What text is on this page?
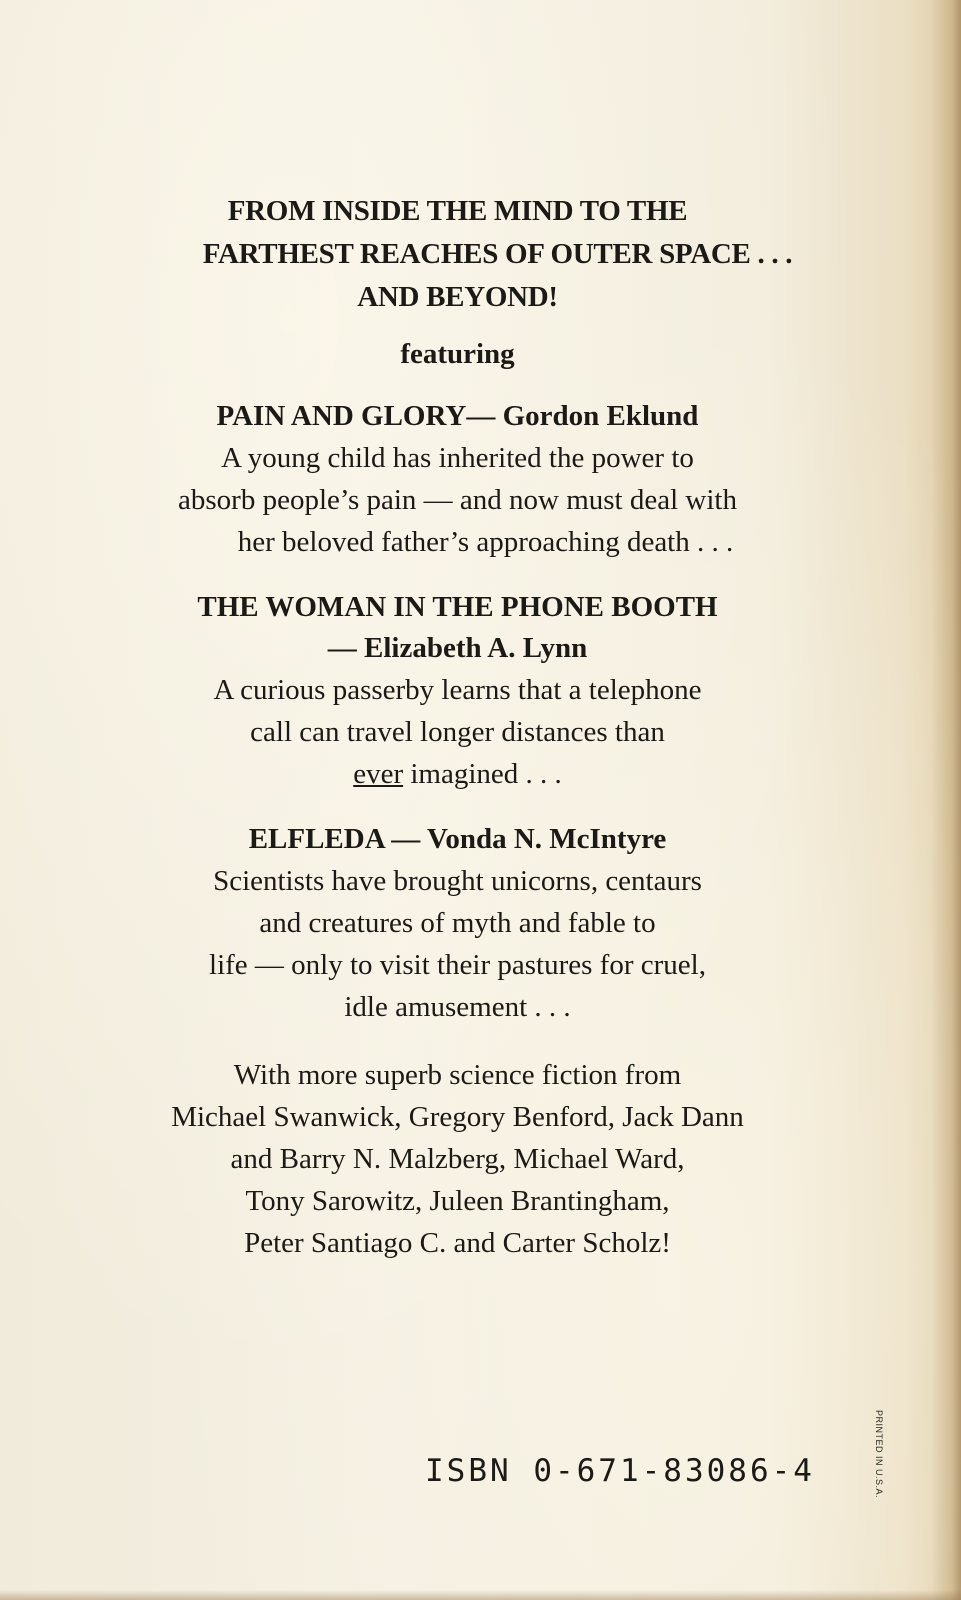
FROM INSIDE THE MIND TO THE
FARTHEST REACHES OF OUTER SPACE . . .
AND BEYOND!

featuring

PAIN AND GLORY— Gordon Eklund

A young child has inherited the power to
absorb people’s pain — and now must deal with
her beloved father’s approaching death . . .

THE WOMAN IN THE PHONE BOOTH
— Elizabeth A. Lynn

A curious passerby learns that a telephone
call can travel longer distances than
ever imagined . . .

ELFLEDA — Vonda N. McIntyre

Scientists have brought unicorns, centaurs
and creatures of myth and fable to
life — only to visit their pastures for cruel,
idle amusement . . .

With more superb science fiction from
Michael Swanwick, Gregory Benford, Jack Dann
and Barry N. Malzberg, Michael Ward,
Tony Sarowitz, Juleen Brantingham,
Peter Santiago C. and Carter Scholz!

ISBN 0-671-83086-4	PRINTED IN U.S.A.
